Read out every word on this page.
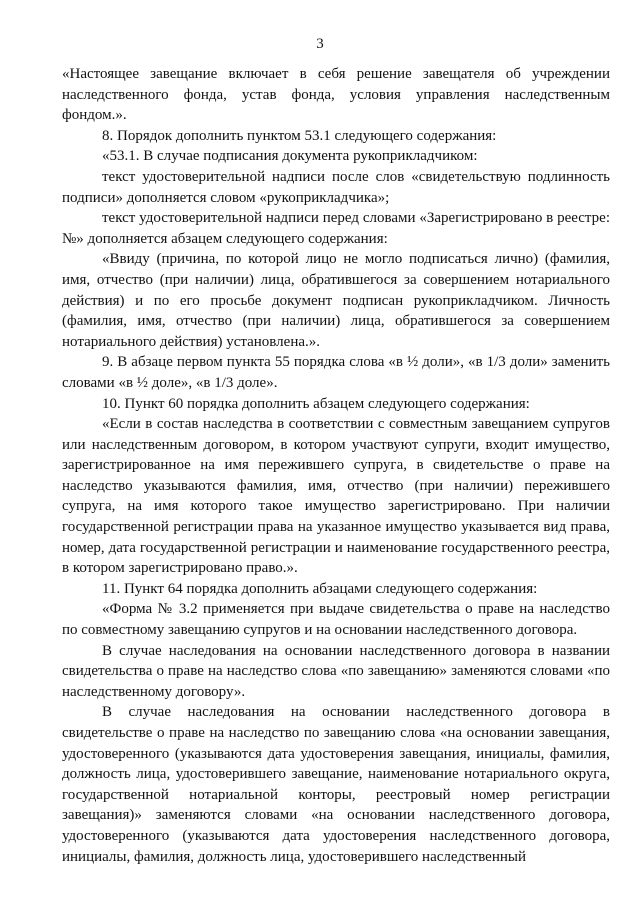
3

«Настоящее завещание включает в себя решение завещателя об учреждении наследственного фонда, устав фонда, условия управления наследственным фондом.».

8. Порядок дополнить пунктом 53.1 следующего содержания:

«53.1. В случае подписания документа рукоприкладчиком:

текст удостоверительной надписи после слов «свидетельствую подлинность подписи» дополняется словом «рукоприкладчика»;

текст удостоверительной надписи перед словами «Зарегистрировано в реестре: №» дополняется абзацем следующего содержания:

«Ввиду (причина, по которой лицо не могло подписаться лично) (фамилия, имя, отчество (при наличии) лица, обратившегося за совершением нотариального действия) и по его просьбе документ подписан рукоприкладчиком. Личность (фамилия, имя, отчество (при наличии) лица, обратившегося за совершением нотариального действия) установлена.».

9. В абзаце первом пункта 55 порядка слова «в ½ доли», «в 1/3 доли» заменить словами «в ½ доле», «в 1/3 доле».

10. Пункт 60 порядка дополнить абзацем следующего содержания:

«Если в состав наследства в соответствии с совместным завещанием супругов или наследственным договором, в котором участвуют супруги, входит имущество, зарегистрированное на имя пережившего супруга, в свидетельстве о праве на наследство указываются фамилия, имя, отчество (при наличии) пережившего супруга, на имя которого такое имущество зарегистрировано. При наличии государственной регистрации права на указанное имущество указывается вид права, номер, дата государственной регистрации и наименование государственного реестра, в котором зарегистрировано право.».

11. Пункт 64 порядка дополнить абзацами следующего содержания:

«Форма № 3.2 применяется при выдаче свидетельства о праве на наследство по совместному завещанию супругов и на основании наследственного договора.

В случае наследования на основании наследственного договора в названии свидетельства о праве на наследство слова «по завещанию» заменяются словами «по наследственному договору».

В случае наследования на основании наследственного договора в свидетельстве о праве на наследство по завещанию слова «на основании завещания, удостоверенного (указываются дата удостоверения завещания, инициалы, фамилия, должность лица, удостоверившего завещание, наименование нотариального округа, государственной нотариальной конторы, реестровый номер регистрации завещания)» заменяются словами «на основании наследственного договора, удостоверенного (указываются дата удостоверения наследственного договора, инициалы, фамилия, должность лица, удостоверившего наследственный
